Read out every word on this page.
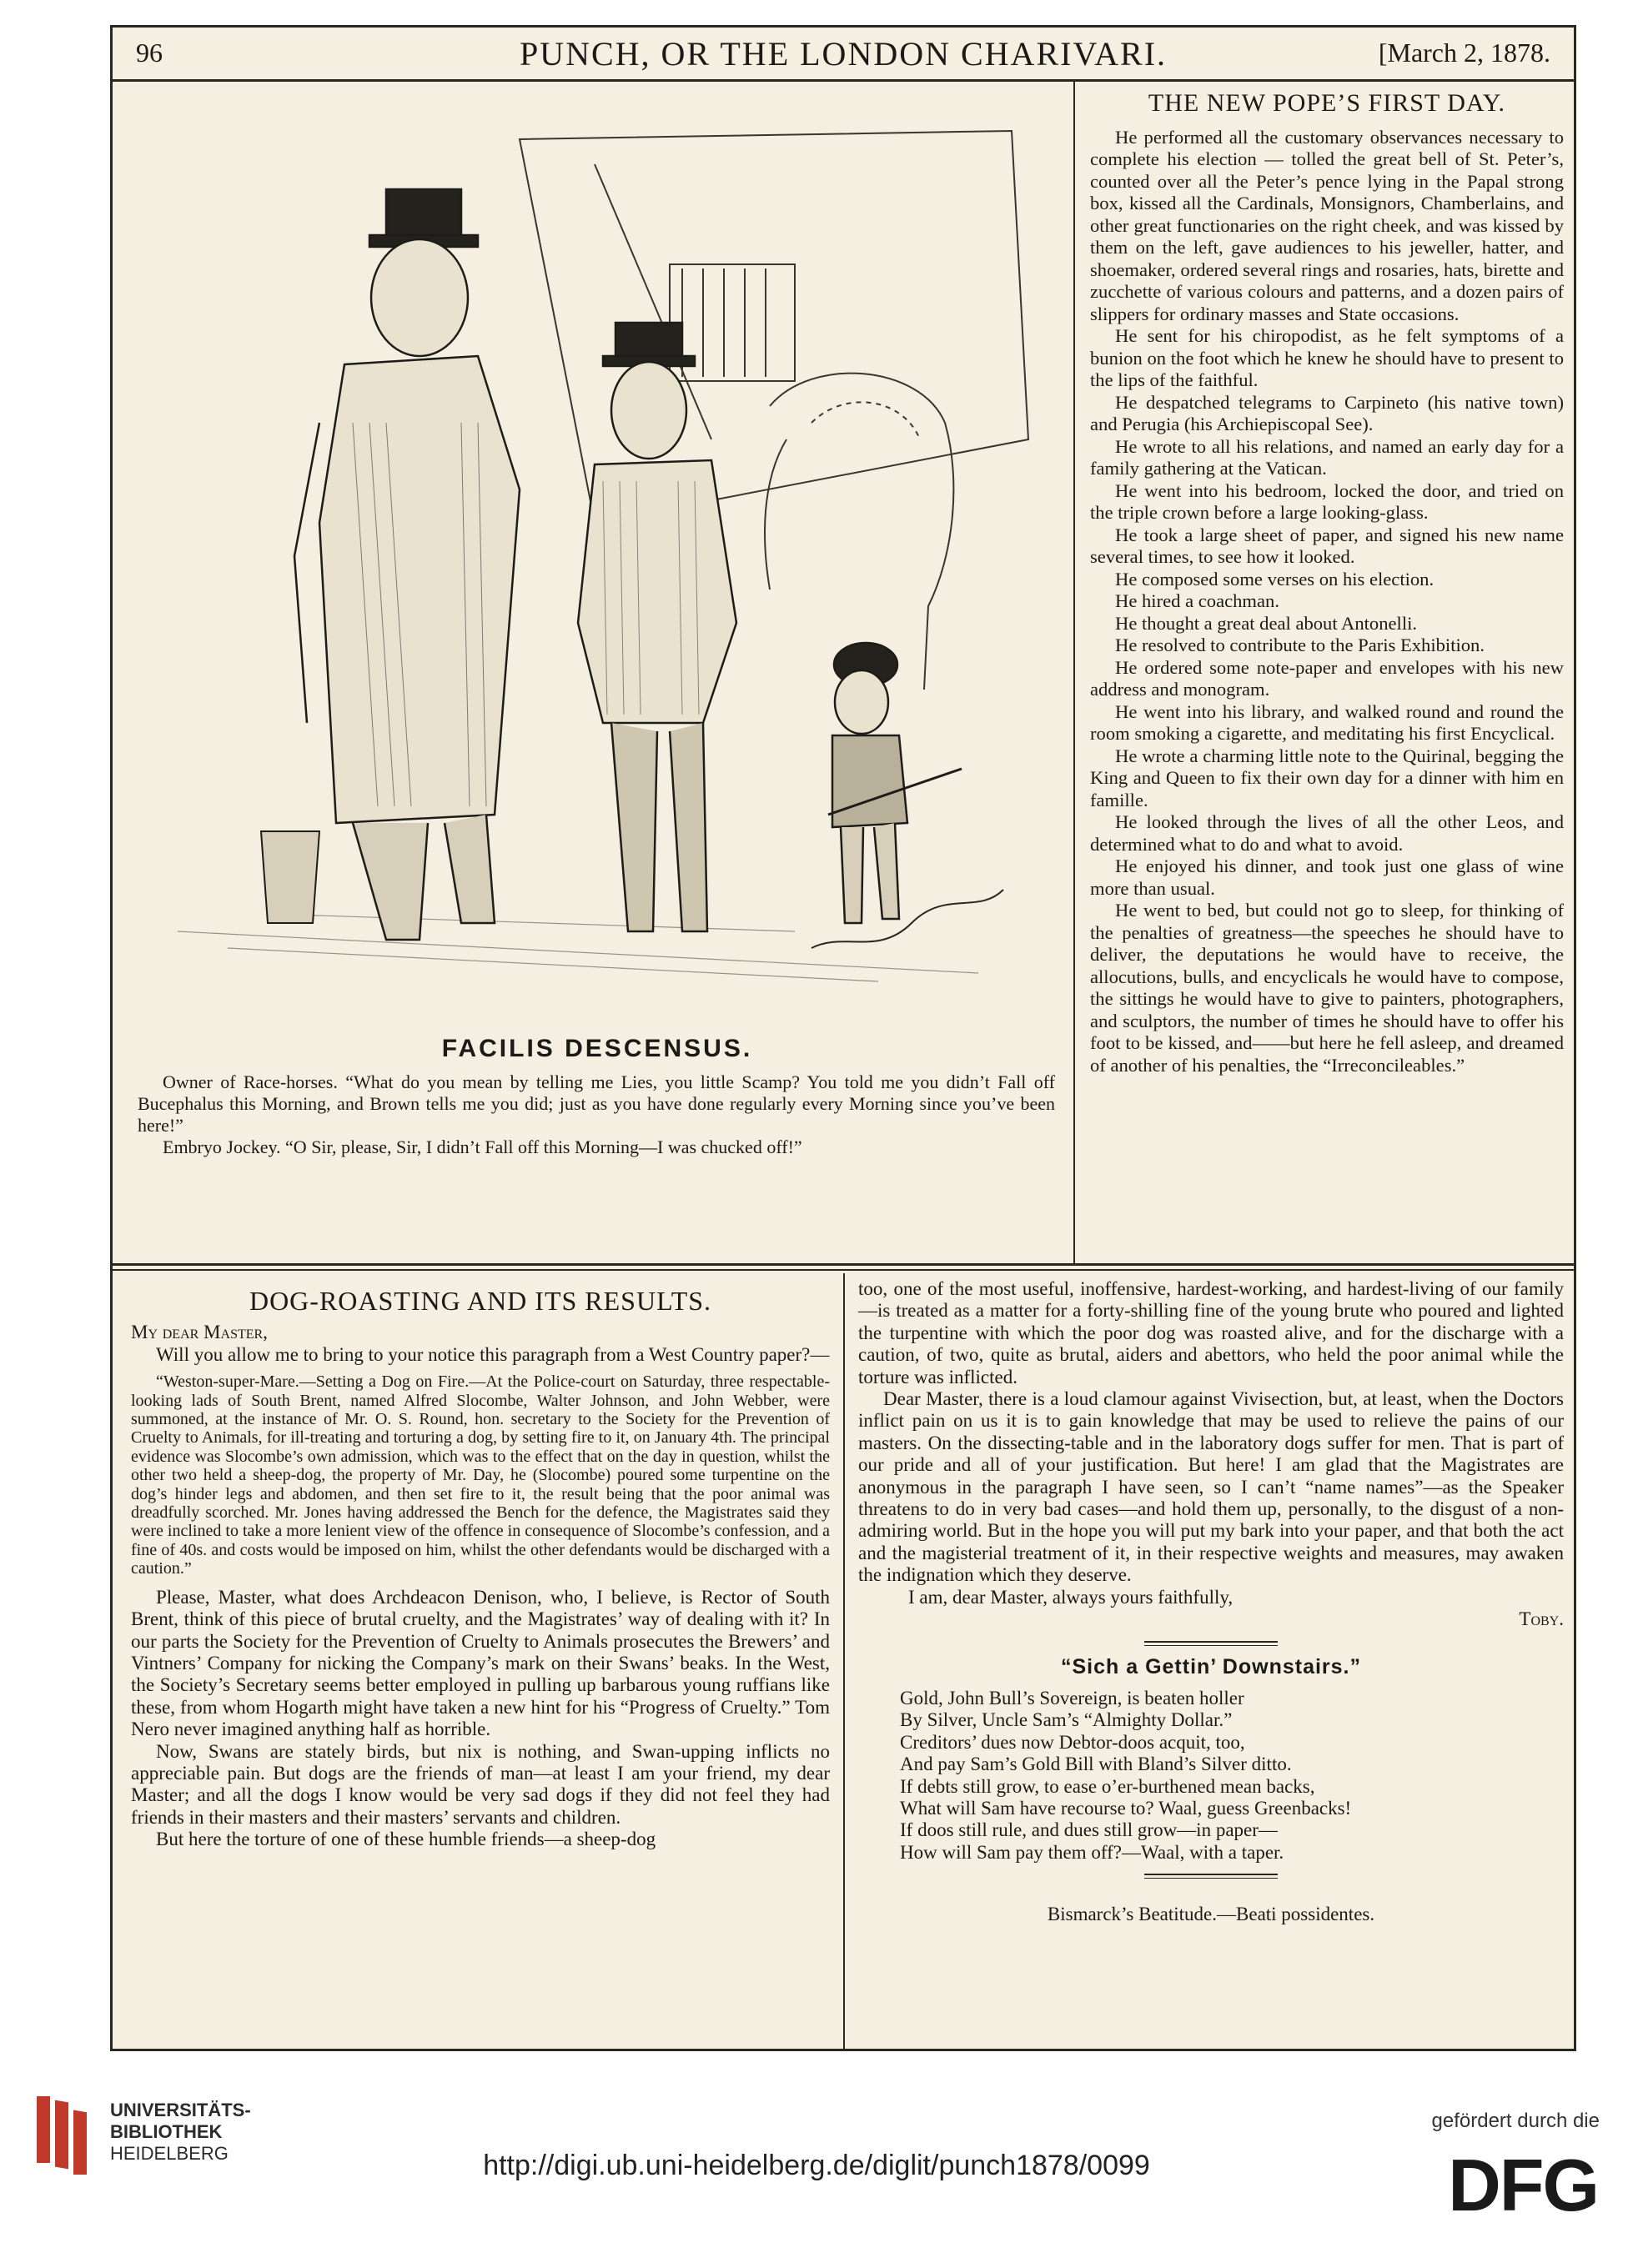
96	PUNCH, OR THE LONDON CHARIVARI.	[March 2, 1878.
FACILIS DESCENSUS.

Owner of Race-horses. “What do you mean by telling me Lies, you little Scamp? You told me you didn’t Fall off Bucephalus this Morning, and Brown tells me you did; just as you have done regularly every Morning since you’ve been here!”

Embryo Jockey. “O Sir, please, Sir, I didn’t Fall off this Morning—I was chucked off!”

THE NEW POPE’S FIRST DAY.

He performed all the customary observances necessary to complete his election — tolled the great bell of St. Peter’s, counted over all the Peter’s pence lying in the Papal strong box, kissed all the Cardinals, Monsignors, Chamberlains, and other great functionaries on the right cheek, and was kissed by them on the left, gave audiences to his jeweller, hatter, and shoemaker, ordered several rings and rosaries, hats, birette and zucchette of various colours and patterns, and a dozen pairs of slippers for ordinary masses and State occasions.

He sent for his chiropodist, as he felt symptoms of a bunion on the foot which he knew he should have to present to the lips of the faithful.

He despatched telegrams to Carpineto (his native town) and Perugia (his Archiepiscopal See).

He wrote to all his relations, and named an early day for a family gathering at the Vatican.

He went into his bedroom, locked the door, and tried on the triple crown before a large looking-glass.

He took a large sheet of paper, and signed his new name several times, to see how it looked.

He composed some verses on his election.

He hired a coachman.

He thought a great deal about Antonelli.

He resolved to contribute to the Paris Exhibition.

He ordered some note-paper and envelopes with his new address and monogram.

He went into his library, and walked round and round the room smoking a cigarette, and meditating his first Encyclical.

He wrote a charming little note to the Quirinal, begging the King and Queen to fix their own day for a dinner with him en famille.

He looked through the lives of all the other Leos, and determined what to do and what to avoid.

He enjoyed his dinner, and took just one glass of wine more than usual.

He went to bed, but could not go to sleep, for thinking of the penalties of greatness—the speeches he should have to deliver, the deputations he would have to receive, the allocutions, bulls, and encyclicals he would have to compose, the sittings he would have to give to painters, photographers, and sculptors, the number of times he should have to offer his foot to be kissed, and——but here he fell asleep, and dreamed of another of his penalties, the “Irreconcileables.”

DOG-ROASTING AND ITS RESULTS.

My dear Master,

Will you allow me to bring to your notice this paragraph from a West Country paper?—

“Weston-super-Mare.—Setting a Dog on Fire.—At the Police-court on Saturday, three respectable-looking lads of South Brent, named Alfred Slocombe, Walter Johnson, and John Webber, were summoned, at the instance of Mr. O. S. Round, hon. secretary to the Society for the Prevention of Cruelty to Animals, for ill-treating and torturing a dog, by setting fire to it, on January 4th. The principal evidence was Slocombe’s own admission, which was to the effect that on the day in question, whilst the other two held a sheep-dog, the property of Mr. Day, he (Slocombe) poured some turpentine on the dog’s hinder legs and abdomen, and then set fire to it, the result being that the poor animal was dreadfully scorched. Mr. Jones having addressed the Bench for the defence, the Magistrates said they were inclined to take a more lenient view of the offence in consequence of Slocombe’s confession, and a fine of 40s. and costs would be imposed on him, whilst the other defendants would be discharged with a caution.”

Please, Master, what does Archdeacon Denison, who, I believe, is Rector of South Brent, think of this piece of brutal cruelty, and the Magistrates’ way of dealing with it? In our parts the Society for the Prevention of Cruelty to Animals prosecutes the Brewers’ and Vintners’ Company for nicking the Company’s mark on their Swans’ beaks. In the West, the Society’s Secretary seems better employed in pulling up barbarous young ruffians like these, from whom Hogarth might have taken a new hint for his “Progress of Cruelty.” Tom Nero never imagined anything half as horrible.

Now, Swans are stately birds, but nix is nothing, and Swan-upping inflicts no appreciable pain. But dogs are the friends of man—at least I am your friend, my dear Master; and all the dogs I know would be very sad dogs if they did not feel they had friends in their masters and their masters’ servants and children.

But here the torture of one of these humble friends—a sheep-dog

too, one of the most useful, inoffensive, hardest-working, and hardest-living of our family—is treated as a matter for a forty-shilling fine of the young brute who poured and lighted the turpentine with which the poor dog was roasted alive, and for the discharge with a caution, of two, quite as brutal, aiders and abettors, who held the poor animal while the torture was inflicted.

Dear Master, there is a loud clamour against Vivisection, but, at least, when the Doctors inflict pain on us it is to gain knowledge that may be used to relieve the pains of our masters. On the dissecting-table and in the laboratory dogs suffer for men. That is part of our pride and all of your justification. But here! I am glad that the Magistrates are anonymous in the paragraph I have seen, so I can’t “name names”—as the Speaker threatens to do in very bad cases—and hold them up, personally, to the disgust of a non-admiring world. But in the hope you will put my bark into your paper, and that both the act and the magisterial treatment of it, in their respective weights and measures, may awaken the indignation which they deserve.

I am, dear Master, always yours faithfully,

Toby.

“Sich a Gettin’ Downstairs.”

Gold, John Bull’s Sovereign, is beaten holler

By Silver, Uncle Sam’s “Almighty Dollar.”

Creditors’ dues now Debtor-doos acquit, too,

And pay Sam’s Gold Bill with Bland’s Silver ditto.

If debts still grow, to ease o’er-burthened mean backs,

What will Sam have recourse to? Waal, guess Greenbacks!

If doos still rule, and dues still grow—in paper—

How will Sam pay them off?—Waal, with a taper.

Bismarck’s Beatitude.—Beati possidentes.

UNIVERSITÄTS-
BIBLIOTHEK
HEIDELBERG	http://digi.ub.uni-heidelberg.de/diglit/punch1878/0099
gefördert durch die
DFG
